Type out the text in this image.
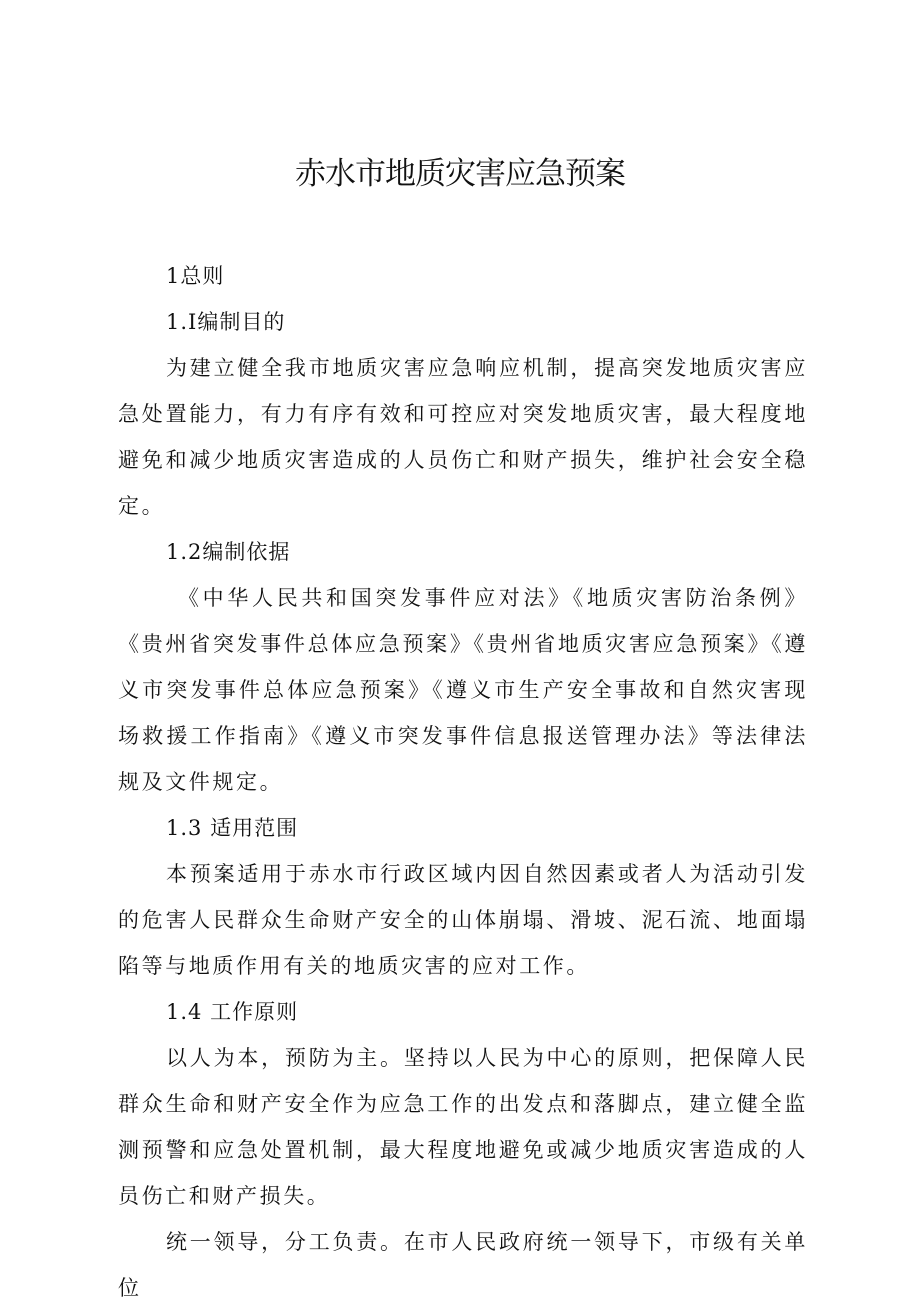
赤水市地质灾害应急预案

1总则

1.I编制目的

为建立健全我市地质灾害应急响应机制，提高突发地质灾害应急处置能力，有力有序有效和可控应对突发地质灾害，最大程度地避免和减少地质灾害造成的人员伤亡和财产损失，维护社会安全稳定。

1.2编制依据

《中华人民共和国突发事件应对法》《地质灾害防治条例》《贵州省突发事件总体应急预案》《贵州省地质灾害应急预案》《遵义市突发事件总体应急预案》《遵义市生产安全事故和自然灾害现场救援工作指南》《遵义市突发事件信息报送管理办法》等法律法规及文件规定。

1.3 适用范围

本预案适用于赤水市行政区域内因自然因素或者人为活动引发的危害人民群众生命财产安全的山体崩塌、滑坡、泥石流、地面塌陷等与地质作用有关的地质灾害的应对工作。

1.4 工作原则

以人为本，预防为主。坚持以人民为中心的原则，把保障人民群众生命和财产安全作为应急工作的出发点和落脚点，建立健全监测预警和应急处置机制，最大程度地避免或减少地质灾害造成的人员伤亡和财产损失。

统一领导，分工负责。在市人民政府统一领导下，市级有关单位
